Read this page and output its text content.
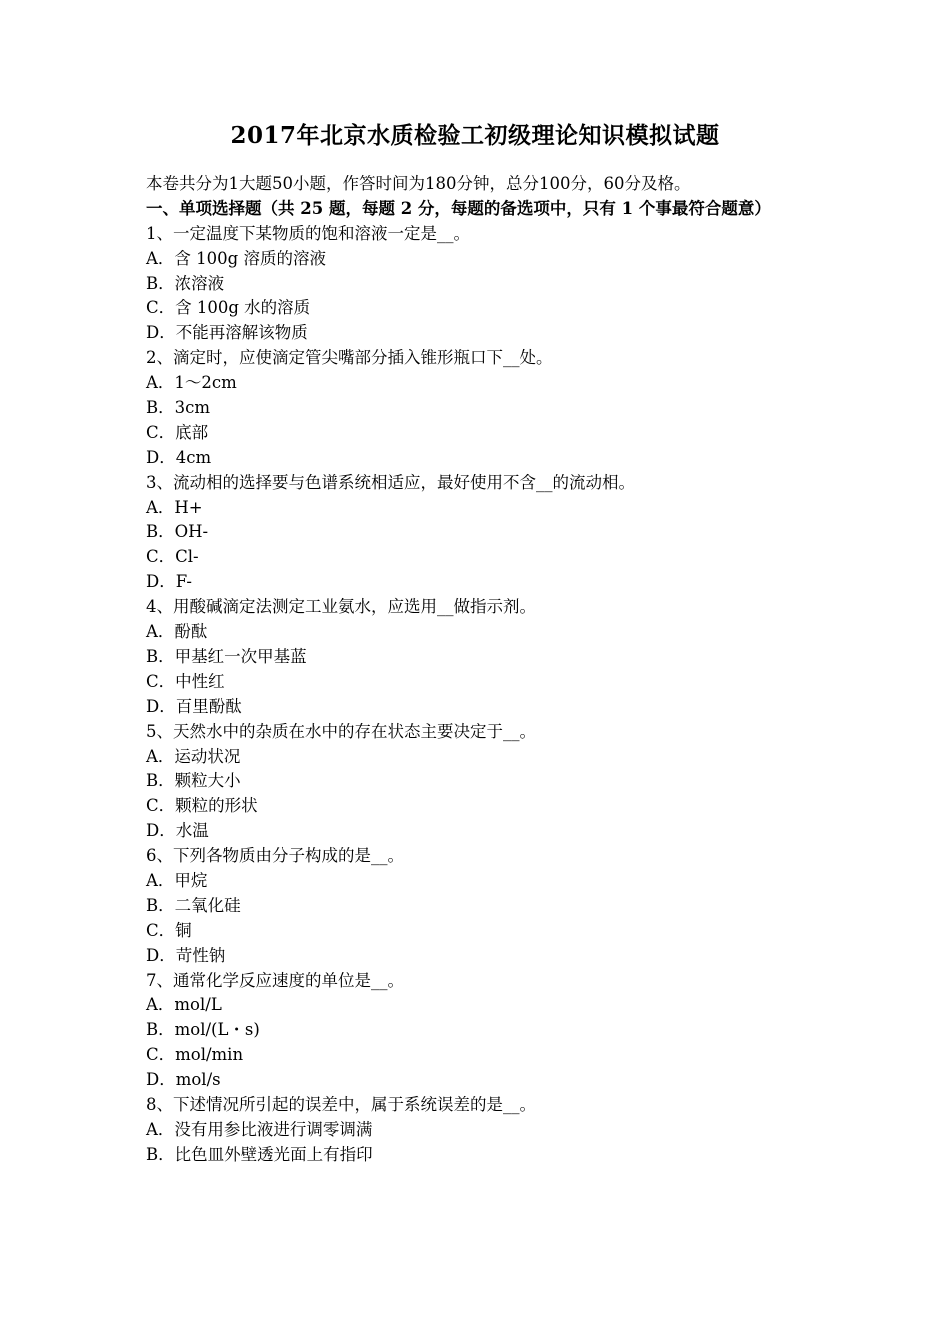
2017年北京水质检验工初级理论知识模拟试题
本卷共分为1大题50小题，作答时间为180分钟，总分100分，60分及格。
一、单项选择题（共 25 题，每题 2 分，每题的备选项中，只有 1 个事最符合题意）
1、一定温度下某物质的饱和溶液一定是__。
A．含 100g 溶质的溶液
B．浓溶液
C．含 100g 水的溶质
D．不能再溶解该物质
2、滴定时，应使滴定管尖嘴部分插入锥形瓶口下__处。
A．1～2cm
B．3cm
C．底部
D．4cm
3、流动相的选择要与色谱系统相适应，最好使用不含__的流动相。
A．H+
B．OH-
C．Cl-
D．F-
4、用酸碱滴定法测定工业氨水，应选用__做指示剂。
A．酚酞
B．甲基红一次甲基蓝
C．中性红
D．百里酚酞
5、天然水中的杂质在水中的存在状态主要决定于__。
A．运动状况
B．颗粒大小
C．颗粒的形状
D．水温
6、下列各物质由分子构成的是__。
A．甲烷
B．二氧化硅
C．铜
D．苛性钠
7、通常化学反应速度的单位是__。
A．mol/L
B．mol/(L・s)
C．mol/min
D．mol/s
8、下述情况所引起的误差中，属于系统误差的是__。
A．没有用参比液进行调零调满
B．比色皿外壁透光面上有指印
